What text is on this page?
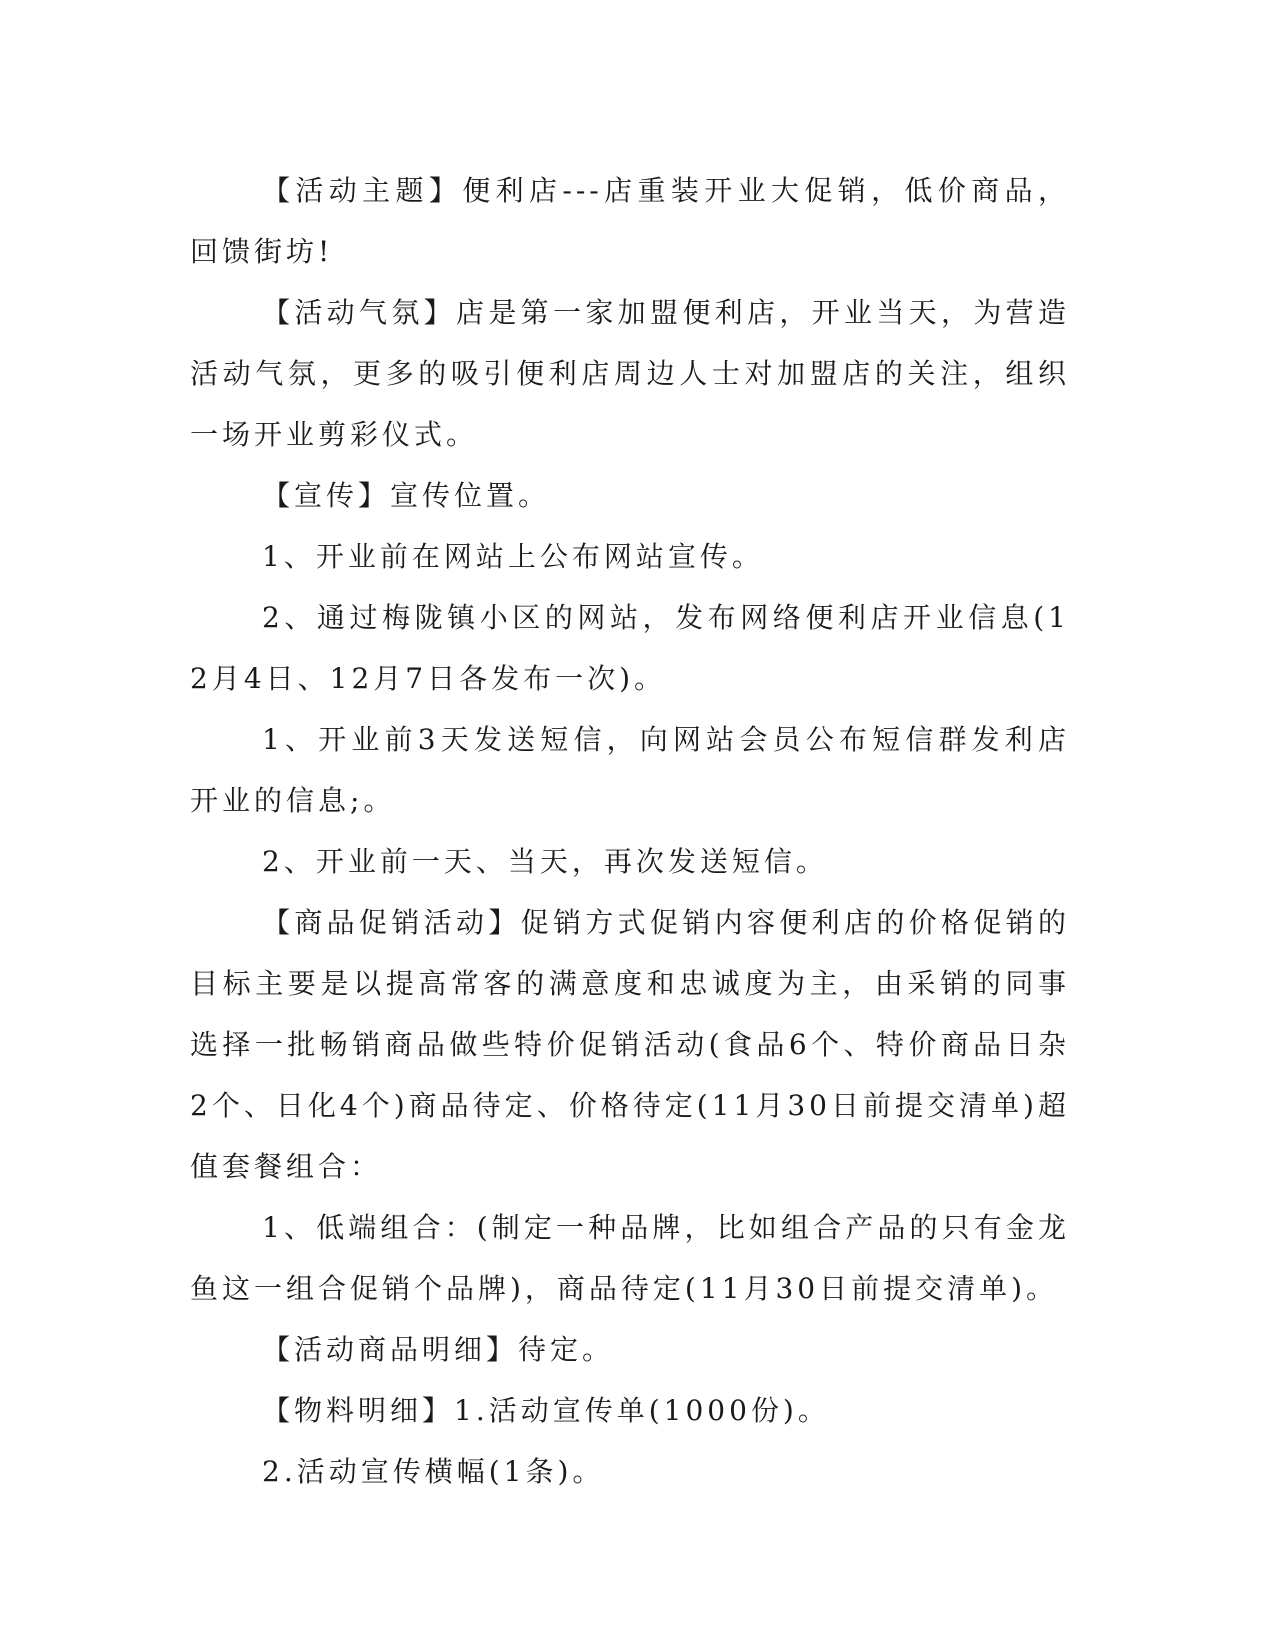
【活动主题】便利店---店重装开业大促销，低价商品，回馈街坊!

【活动气氛】店是第一家加盟便利店，开业当天，为营造活动气氛，更多的吸引便利店周边人士对加盟店的关注，组织一场开业剪彩仪式。

【宣传】宣传位置。

1、开业前在网站上公布网站宣传。

2、通过梅陇镇小区的网站，发布网络便利店开业信息(12月4日、12月7日各发布一次)。

1、开业前3天发送短信，向网站会员公布短信群发利店开业的信息;。

2、开业前一天、当天，再次发送短信。

【商品促销活动】促销方式促销内容便利店的价格促销的目标主要是以提高常客的满意度和忠诚度为主，由采销的同事选择一批畅销商品做些特价促销活动(食品6个、特价商品日杂2个、日化4个)商品待定、价格待定(11月30日前提交清单)超值套餐组合：

1、低端组合：(制定一种品牌，比如组合产品的只有金龙鱼这一组合促销个品牌)，商品待定(11月30日前提交清单)。

【活动商品明细】待定。

【物料明细】1.活动宣传单(1000份)。

2.活动宣传横幅(1条)。
